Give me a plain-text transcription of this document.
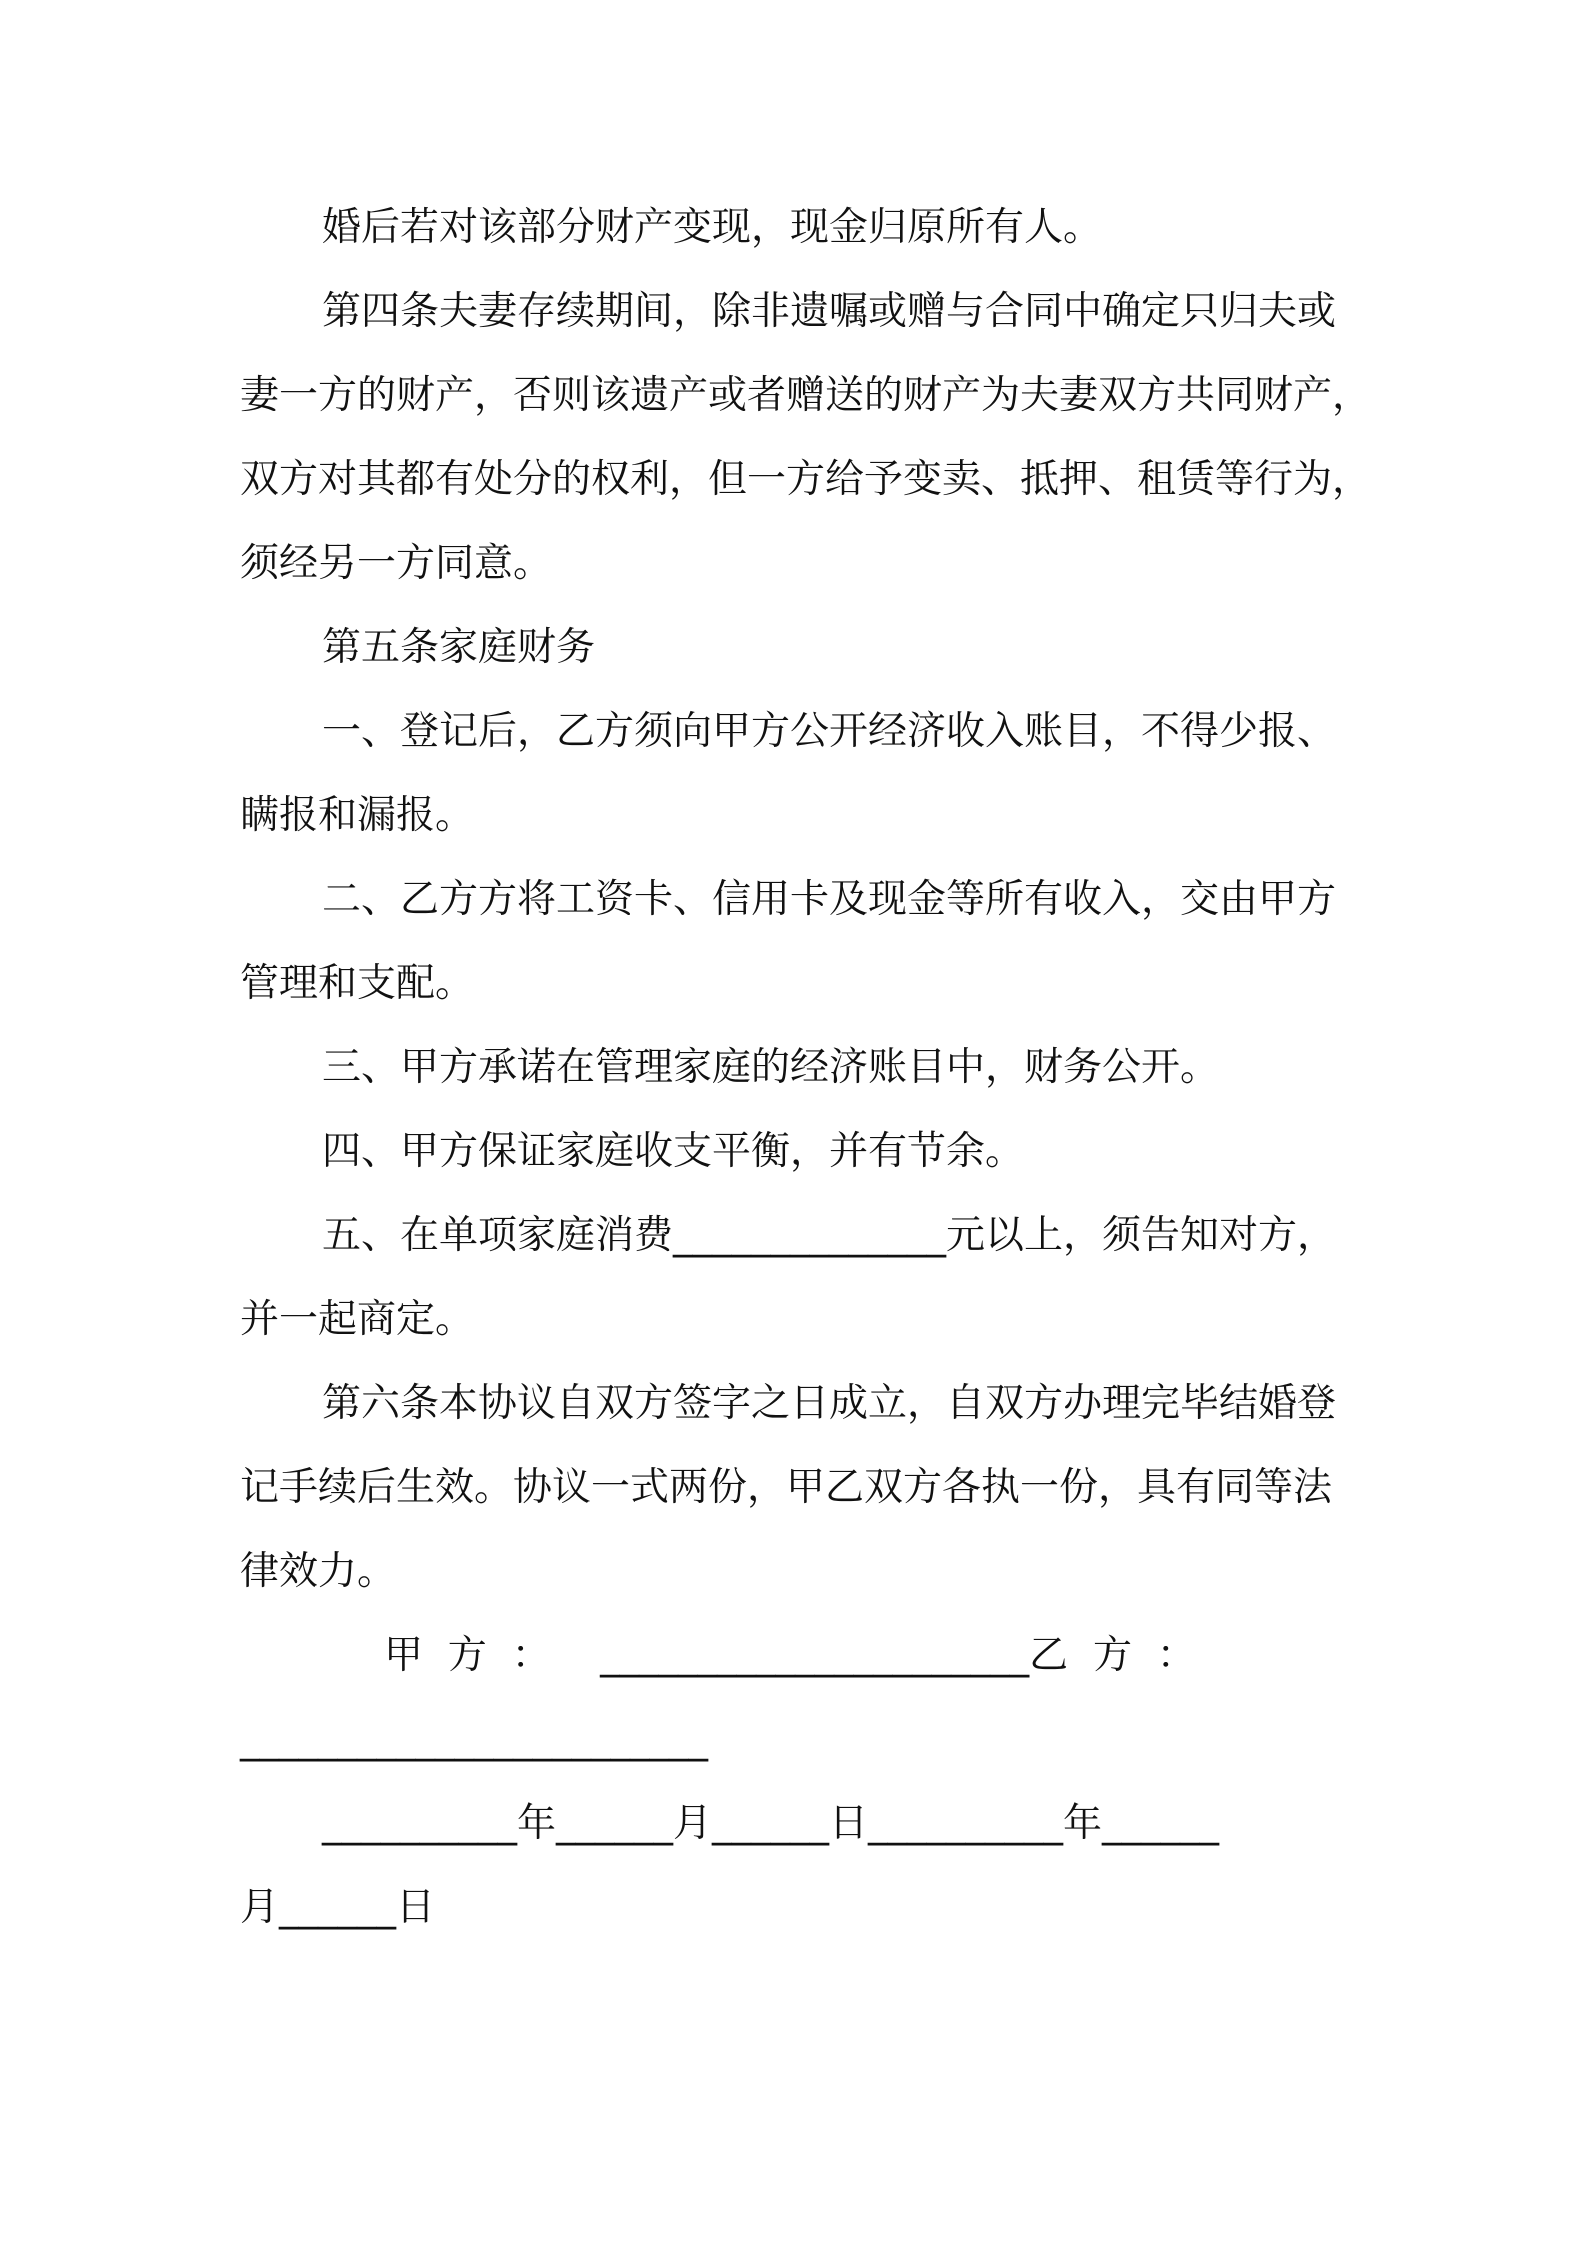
婚后若对该部分财产变现，现金归原所有人。

第四条夫妻存续期间，除非遗嘱或赠与合同中确定只归夫或

妻一方的财产，否则该遗产或者赠送的财产为夫妻双方共同财产，

双方对其都有处分的权利，但一方给予变卖、抵押、租赁等行为，

须经另一方同意。

第五条家庭财务

一、登记后，乙方须向甲方公开经济收入账目，不得少报、

瞒报和漏报。

二、乙方方将工资卡、信用卡及现金等所有收入，交由甲方

管理和支配。

三、甲方承诺在管理家庭的经济账目中，财务公开。

四、甲方保证家庭收支平衡，并有节余。

五、在单项家庭消费______________元以上，须告知对方，

并一起商定。

第六条本协议自双方签字之日成立，自双方办理完毕结婚登

记手续后生效。协议一式两份，甲乙双方各执一份，具有同等法

律效力。

甲  方  ：    ______________________乙  方  ：

________________________

__________年______月______日__________年______

月______日
